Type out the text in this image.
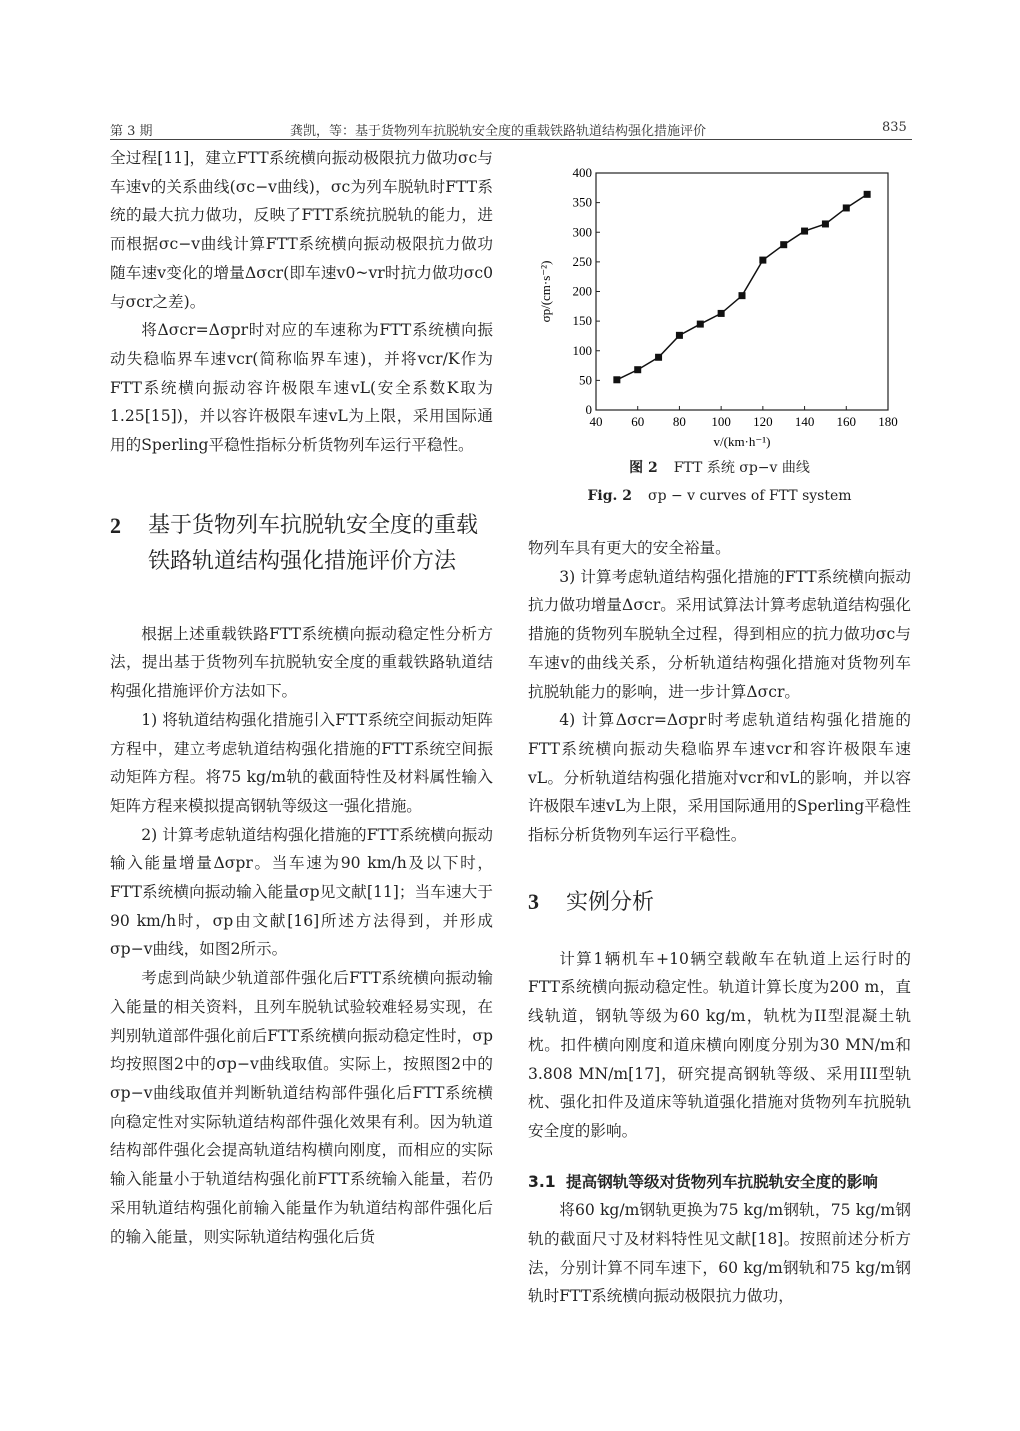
第 3 期	龚凯，等：基于货物列车抗脱轨安全度的重载铁路轨道结构强化措施评价	835

全过程[11]，建立FTT系统横向振动极限抗力做功σc与车速v的关系曲线(σc−v曲线)，σc为列车脱轨时FTT系统的最大抗力做功，反映了FTT系统抗脱轨的能力，进而根据σc−v曲线计算FTT系统横向振动极限抗力做功随车速v变化的增量Δσcr(即车速v0~vr时抗力做功σc0与σcr之差)。

将Δσcr=Δσpr时对应的车速称为FTT系统横向振动失稳临界车速vcr(简称临界车速)，并将vcr/K作为FTT系统横向振动容许极限车速vL(安全系数K取为1.25[15])，并以容许极限车速vL为上限，采用国际通用的Sperling平稳性指标分析货物列车运行平稳性。

2	基于货物列车抗脱轨安全度的重载铁路轨道结构强化措施评价方法

根据上述重载铁路FTT系统横向振动稳定性分析方法，提出基于货物列车抗脱轨安全度的重载铁路轨道结构强化措施评价方法如下。

1) 将轨道结构强化措施引入FTT系统空间振动矩阵方程中，建立考虑轨道结构强化措施的FTT系统空间振动矩阵方程。将75 kg/m轨的截面特性及材料属性输入矩阵方程来模拟提高钢轨等级这一强化措施。

2) 计算考虑轨道结构强化措施的FTT系统横向振动输入能量增量Δσpr。当车速为90 km/h及以下时，FTT系统横向振动输入能量σp见文献[11]；当车速大于90 km/h时，σp由文献[16]所述方法得到，并形成σp−v曲线，如图2所示。

考虑到尚缺少轨道部件强化后FTT系统横向振动输入能量的相关资料，且列车脱轨试验较难轻易实现，在判别轨道部件强化前后FTT系统横向振动稳定性时，σp均按照图2中的σp−v曲线取值。实际上，按照图2中的σp−v曲线取值并判断轨道结构部件强化后FTT系统横向稳定性对实际轨道结构部件强化效果有利。因为轨道结构部件强化会提高轨道结构横向刚度，而相应的实际输入能量小于轨道结构强化前FTT系统输入能量，若仍采用轨道结构强化前输入能量作为轨道结构部件强化后的输入能量，则实际轨道结构强化后货

40 60 80 100 120 140 160 180
0
50
100
150
200
250
300
350
400
v/(km·h⁻¹)
σp/(cm·s⁻²)
图 2 FTT 系统 σp−v 曲线
Fig. 2 σp − v curves of FTT system

物列车具有更大的安全裕量。

3) 计算考虑轨道结构强化措施的FTT系统横向振动抗力做功增量Δσcr。采用试算法计算考虑轨道结构强化措施的货物列车脱轨全过程，得到相应的抗力做功σc与车速v的曲线关系，分析轨道结构强化措施对货物列车抗脱轨能力的影响，进一步计算Δσcr。

4) 计算Δσcr=Δσpr时考虑轨道结构强化措施的FTT系统横向振动失稳临界车速vcr和容许极限车速vL。分析轨道结构强化措施对vcr和vL的影响，并以容许极限车速vL为上限，采用国际通用的Sperling平稳性指标分析货物列车运行平稳性。

3 实例分析

计算1辆机车+10辆空载敞车在轨道上运行时的FTT系统横向振动稳定性。轨道计算长度为200 m，直线轨道，钢轨等级为60 kg/m，轨枕为II型混凝土轨枕。扣件横向刚度和道床横向刚度分别为30 MN/m和3.808 MN/m[17]，研究提高钢轨等级、采用III型轨枕、强化扣件及道床等轨道强化措施对货物列车抗脱轨安全度的影响。

3.1 提高钢轨等级对货物列车抗脱轨安全度的影响

将60 kg/m钢轨更换为75 kg/m钢轨，75 kg/m钢轨的截面尺寸及材料特性见文献[18]。按照前述分析方法，分别计算不同车速下，60 kg/m钢轨和75 kg/m钢轨时FTT系统横向振动极限抗力做功，
